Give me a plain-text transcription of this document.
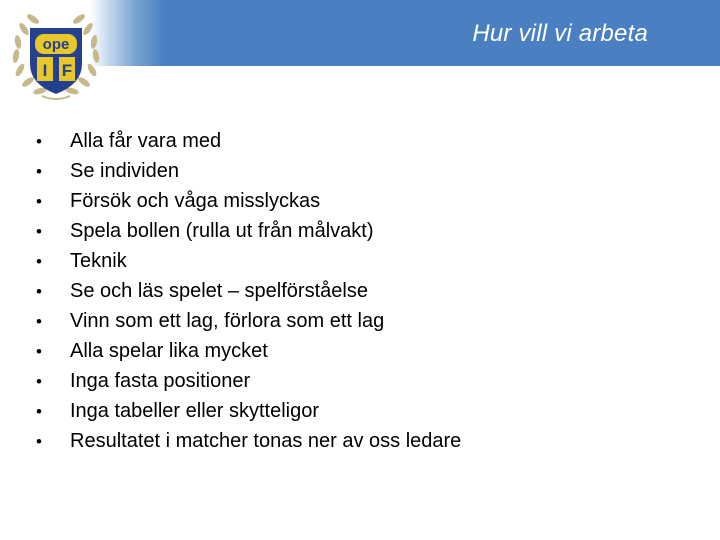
ope
I F
Hur vill vi arbeta
•	Alla får vara med
•	Se individen
•	Försök och våga misslyckas
•	Spela bollen (rulla ut från målvakt)
•	Teknik
•	Se och läs spelet – spelförståelse
•	Vinn som ett lag, förlora som ett lag
•	Alla spelar lika mycket
•	Inga fasta positioner
•	Inga tabeller eller skytteligor
•	Resultatet i matcher tonas ner av oss ledare
